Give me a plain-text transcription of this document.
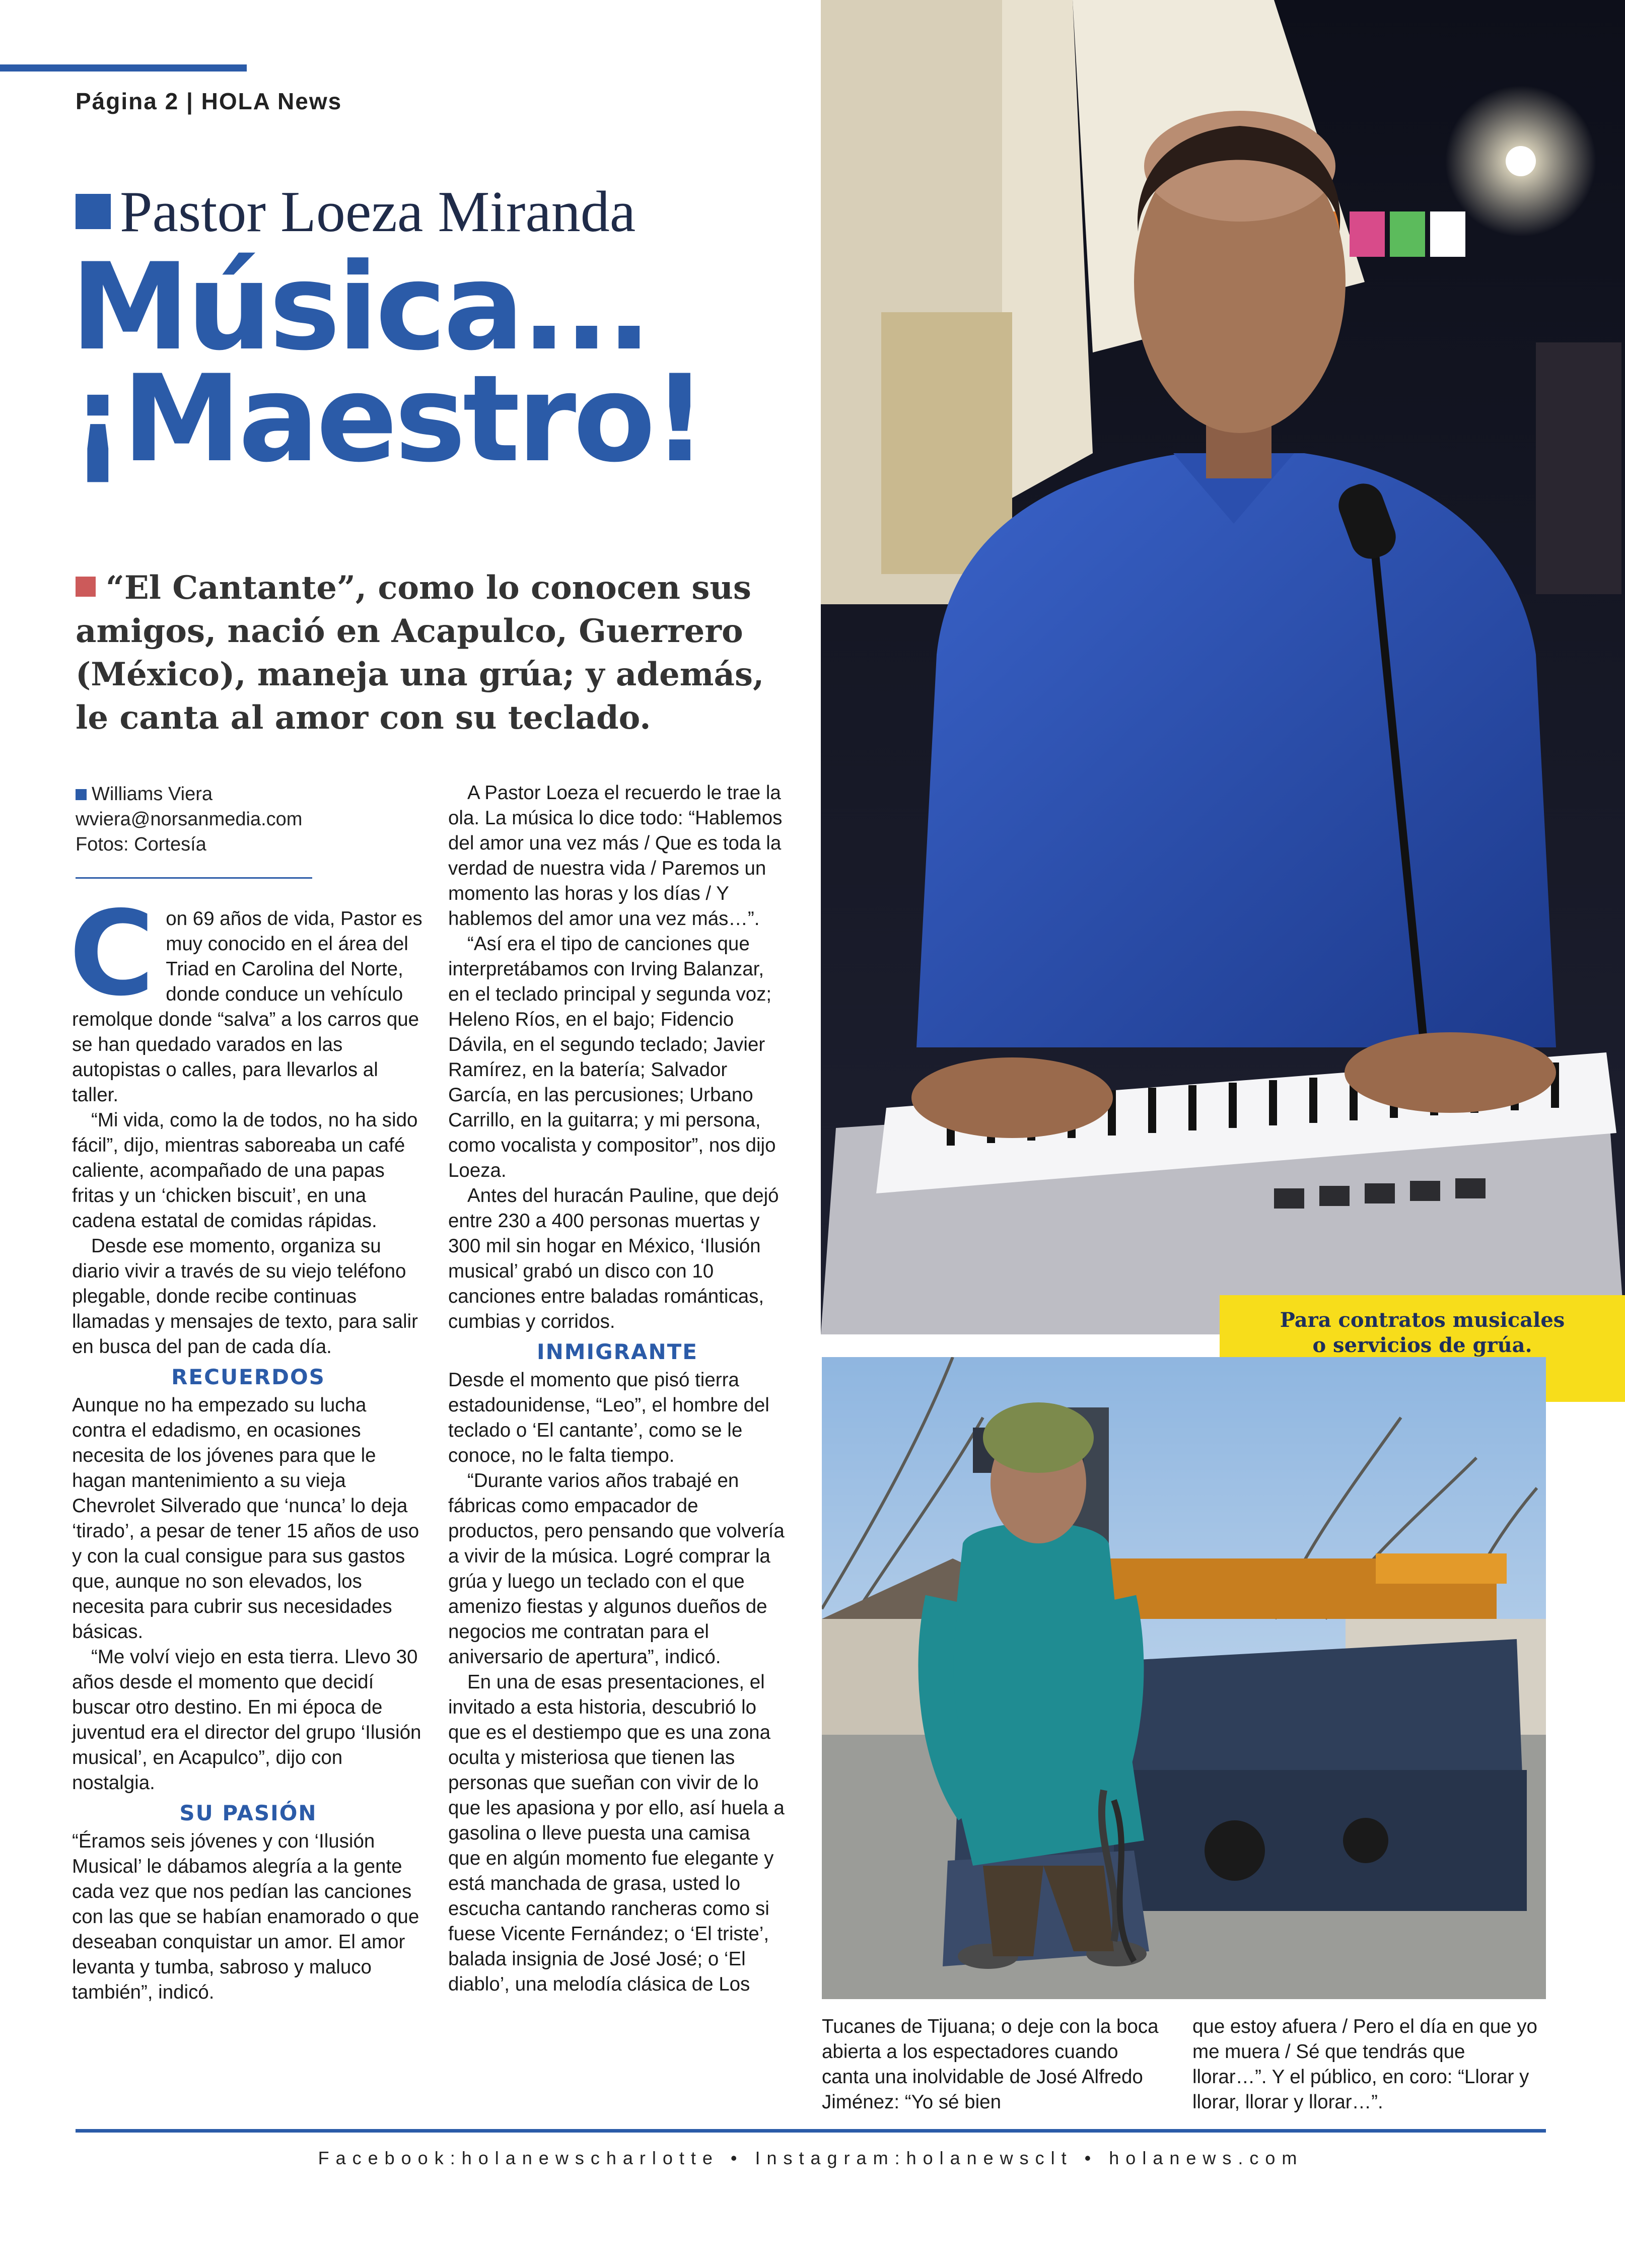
Página 2 | HOLA News
Pastor Loeza Miranda
Música...
¡Maestro!
“El Cantante”, como lo conocen sus amigos, nació en Acapulco, Guerrero (México), maneja una grúa; y además, le canta al amor con su teclado.
Williams Viera
wviera@norsanmedia.com
Fotos: Cortesía
C on 69 años de vida, Pastor es muy conocido en el área del Triad en Carolina del Norte, donde conduce un vehículo remolque donde “salva” a los carros que se han quedado varados en las autopistas o calles, para llevarlos al taller.

“Mi vida, como la de todos, no ha sido fácil”, dijo, mientras saboreaba un café caliente, acompañado de una papas fritas y un ‘chicken biscuit’, en una cadena estatal de comidas rápidas.

Desde ese momento, organiza su diario vivir a través de su viejo teléfono plegable, donde recibe continuas llamadas y mensajes de texto, para salir en busca del pan de cada día.

RECUERDOS

Aunque no ha empezado su lucha contra el edadismo, en ocasiones necesita de los jóvenes para que le hagan mantenimiento a su vieja Chevrolet Silverado que ‘nunca’ lo deja ‘tirado’, a pesar de tener 15 años de uso y con la cual consigue para sus gastos que, aunque no son elevados, los necesita para cubrir sus necesidades básicas.

“Me volví viejo en esta tierra. Llevo 30 años desde el momento que decidí buscar otro destino. En mi época de juventud era el director del grupo ‘Ilusión musical’, en Acapulco”, dijo con nostalgia.

SU PASIÓN

“Éramos seis jóvenes y con ‘Ilusión Musical’ le dábamos alegría a la gente cada vez que nos pedían las canciones con las que se habían enamorado o que deseaban conquistar un amor. El amor levanta y tumba, sabroso y maluco también”, indicó.

A Pastor Loeza el recuerdo le trae la ola. La música lo dice todo: “Hablemos del amor una vez más / Que es toda la verdad de nuestra vida / Paremos un momento las horas y los días / Y hablemos del amor una vez más…”.

“Así era el tipo de canciones que interpretábamos con Irving Balanzar, en el teclado principal y segunda voz; Heleno Ríos, en el bajo; Fidencio Dávila, en el segundo teclado; Javier Ramírez, en la batería; Salvador García, en las percusiones; Urbano Carrillo, en la guitarra; y mi persona, como vocalista y compositor”, nos dijo Loeza.

Antes del huracán Pauline, que dejó entre 230 a 400 personas muertas y 300 mil sin hogar en México, ‘Ilusión musical’ grabó un disco con 10 canciones entre baladas románticas, cumbias y corridos.

INMIGRANTE

Desde el momento que pisó tierra estadounidense, “Leo”, el hombre del teclado o ‘El cantante’, como se le conoce, no le falta tiempo.

“Durante varios años trabajé en fábricas como empacador de productos, pero pensando que volvería a vivir de la música. Logré comprar la grúa y luego un teclado con el que amenizo fiestas y algunos dueños de negocios me contratan para el aniversario de apertura”, indicó.

En una de esas presentaciones, el invitado a esta historia, descubrió lo que es el destiempo que es una zona oculta y misteriosa que tienen las personas que sueñan con vivir de lo que les apasiona y por ello, así huela a gasolina o lleve puesta una camisa que en algún momento fue elegante y está manchada de grasa, usted lo escucha cantando rancheras como si fuese Vicente Fernández; o ‘El triste’, balada insignia de José José; o ‘El diablo’, una melodía clásica de Los

Tucanes de Tijuana; o deje con la boca abierta a los espectadores cuando canta una inolvidable de José Alfredo Jiménez: “Yo sé bien

que estoy afuera / Pero el día en que yo me muera / Sé que tendrás que llorar…”. Y el público, en coro: “Llorar y llorar, llorar y llorar…”.

Para contratos musicales
o servicios de grúa.
Facebook:holanewscharlotte • Instagram:holanewsclt • holanews.com
